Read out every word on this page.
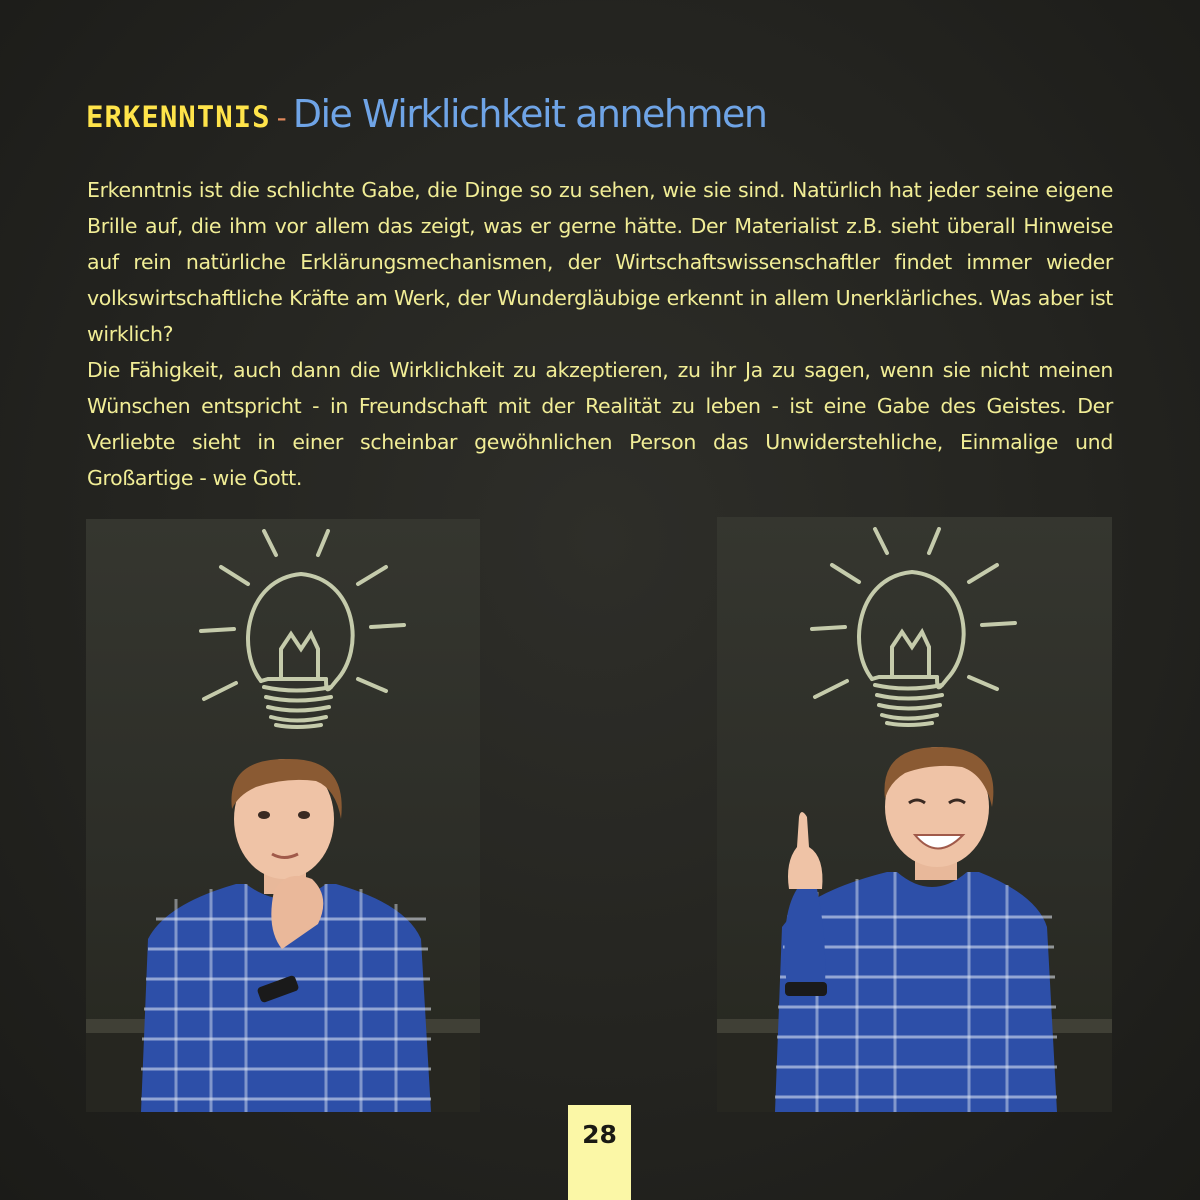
ERKENNTNIS - Die Wirklichkeit annehmen

Erkenntnis ist die schlichte Gabe, die Dinge so zu sehen, wie sie sind. Natürlich hat jeder seine eigene Brille auf, die ihm vor allem das zeigt, was er gerne hätte. Der Materialist z.B. sieht überall Hinweise auf rein natürliche Erklärungsmechanismen, der Wirtschaftswissenschaftler findet immer wieder volkswirtschaftliche Kräfte am Werk, der Wundergläubige erkennt in allem Unerklärliches. Was aber ist wirklich?

Die Fähigkeit, auch dann die Wirklichkeit zu akzeptieren, zu ihr Ja zu sagen, wenn sie nicht meinen Wünschen entspricht - in Freundschaft mit der Realität zu leben - ist eine Gabe des Geistes. Der Verliebte sieht in einer scheinbar gewöhnlichen Person das Unwiderstehliche, Einmalige und Großartige - wie Gott.

28
